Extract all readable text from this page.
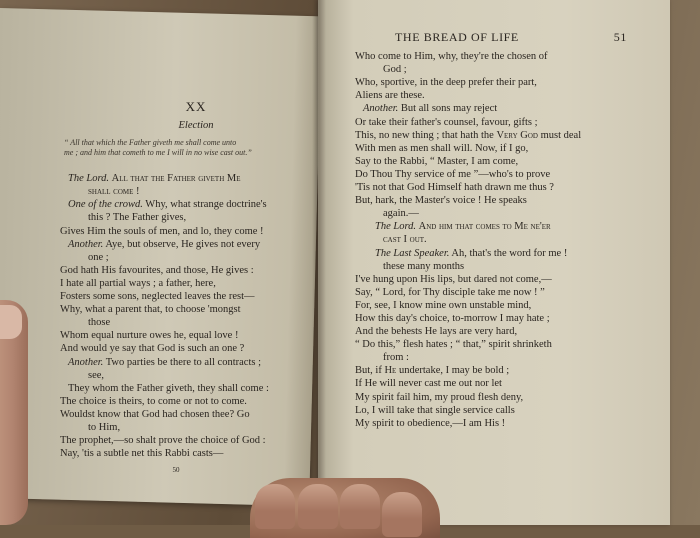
XX
Election
“ All that which the Father giveth me shall come unto
me ; and him that cometh to me I will in no wise cast out.”
The Lord. All that the Father giveth Me
shall come !
One of the crowd. Why, what strange doctrine's
this ? The Father gives,
Gives Him the souls of men, and lo, they come !
Another. Aye, but observe, He gives not every
one ;
God hath His favourites, and those, He gives :
I hate all partial ways ; a father, here,
Fosters some sons, neglected leaves the rest—
Why, what a parent that, to choose 'mongst
those
Whom equal nurture owes he, equal love !
And would ye say that God is such an one ?
Another. Two parties be there to all contracts ;
see,
They whom the Father giveth, they shall come :
The choice is theirs, to come or not to come.
Wouldst know that God had chosen thee? Go
to Him,
The prophet,—so shalt prove the choice of God :
Nay, 'tis a subtle net this Rabbi casts—
50
THE BREAD OF LIFE	51
Who come to Him, why, they're the chosen of
God ;
Who, sportive, in the deep prefer their part,
Aliens are these.
Another. But all sons may reject
Or take their father's counsel, favour, gifts ;
This, no new thing ; that hath the Very God must deal
With men as men shall will. Now, if I go,
Say to the Rabbi, “ Master, I am come,
Do Thou Thy service of me ”—who's to prove
'Tis not that God Himself hath drawn me thus ?
But, hark, the Master's voice ! He speaks
again.—
The Lord. And him that comes to Me ne'er
cast I out.
The Last Speaker. Ah, that's the word for me !
these many months
I've hung upon His lips, but dared not come,—
Say, “ Lord, for Thy disciple take me now ! ”
For, see, I know mine own unstable mind,
How this day's choice, to-morrow I may hate ;
And the behests He lays are very hard,
“ Do this,” flesh hates ; “ that,” spirit shrinketh
from :
But, if He undertake, I may be bold ;
If He will never cast me out nor let
My spirit fail him, my proud flesh deny,
Lo, I will take that single service calls
My spirit to obedience,—I am His !
